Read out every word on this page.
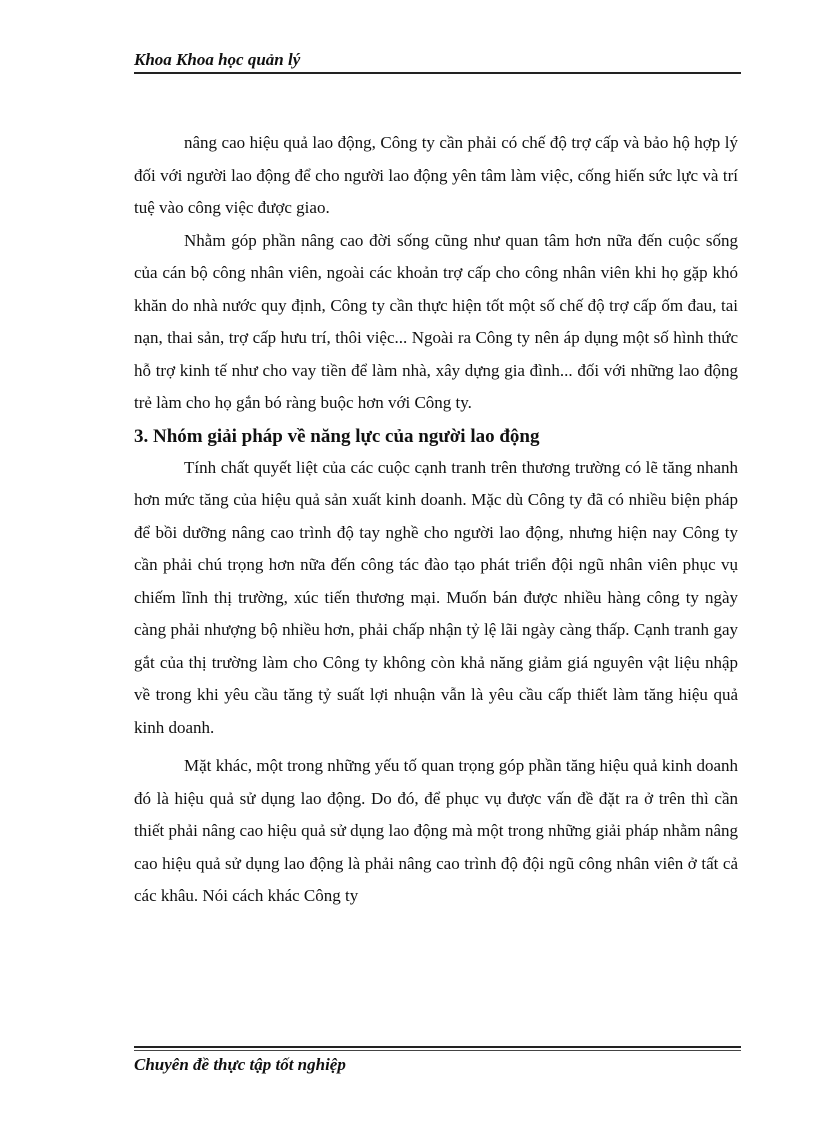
Khoa Khoa học quản lý

nâng cao hiệu quả lao động, Công ty cần phải có chế độ trợ cấp và bảo hộ hợp lý đối với người lao động để cho người lao động yên tâm làm việc, cống hiến sức lực và trí tuệ vào công việc được giao.

Nhằm góp phần nâng cao đời sống cũng như quan tâm hơn nữa đến cuộc sống của cán bộ công nhân viên, ngoài các khoản trợ cấp cho công nhân viên khi họ gặp khó khăn do nhà nước quy định, Công ty cần thực hiện tốt một số chế độ trợ cấp ốm đau, tai nạn, thai sản, trợ cấp hưu trí, thôi việc... Ngoài ra Công ty nên áp dụng một số hình thức hỗ trợ kinh tế như cho vay tiền để làm nhà, xây dựng gia đình... đối với những lao động trẻ làm cho họ gắn bó ràng buộc hơn với Công ty.

3. Nhóm giải pháp về năng lực của người lao động

Tính chất quyết liệt của các cuộc cạnh tranh trên thương trường có lẽ tăng nhanh hơn mức tăng của hiệu quả sản xuất kinh doanh. Mặc dù Công ty đã có nhiều biện pháp để bồi dưỡng nâng cao trình độ tay nghề cho người lao động, nhưng hiện nay Công ty cần phải chú trọng hơn nữa đến công tác đào tạo phát triển đội ngũ nhân viên phục vụ chiếm lĩnh thị trường, xúc tiến thương mại. Muốn bán được nhiều hàng công ty ngày càng phải nhượng bộ nhiều hơn, phải chấp nhận tỷ lệ lãi ngày càng thấp. Cạnh tranh gay gắt của thị trường làm cho Công ty không còn khả năng giảm giá nguyên vật liệu nhập về trong khi yêu cầu tăng tỷ suất lợi nhuận vẫn là yêu cầu cấp thiết làm tăng hiệu quả kinh doanh.

Mặt khác, một trong những yếu tố quan trọng góp phần tăng hiệu quả kinh doanh đó là hiệu quả sử dụng lao động. Do đó, để phục vụ được vấn đề đặt ra ở trên thì cần thiết phải nâng cao hiệu quả sử dụng lao động mà một trong những giải pháp nhằm nâng cao hiệu quả sử dụng lao động là phải nâng cao trình độ đội ngũ công nhân viên ở tất cả các khâu. Nói cách khác Công ty

Chuyên đề thực tập tốt nghiệp
